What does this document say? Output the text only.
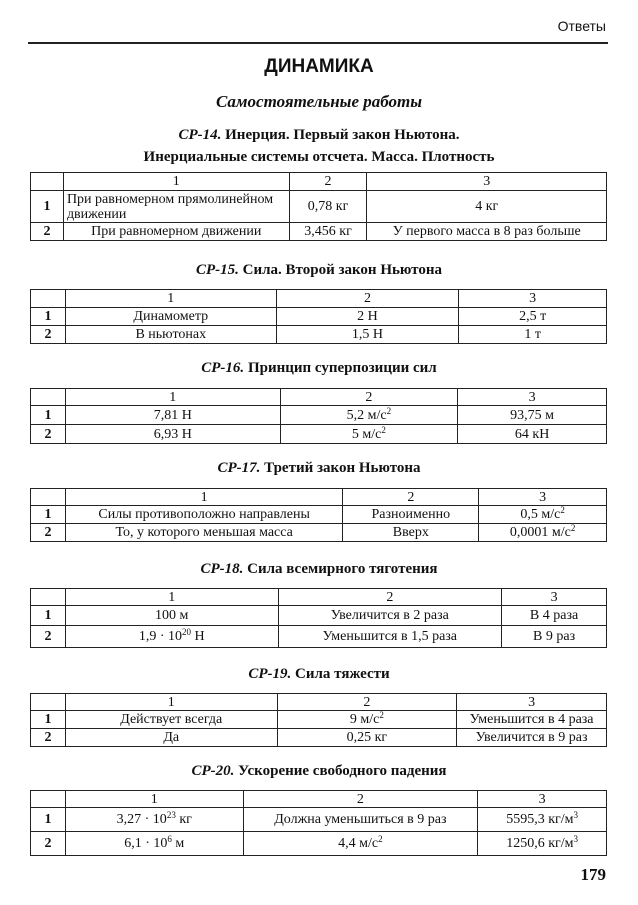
Ответы
ДИНАМИКА
Самостоятельные работы
СР-14. Инерция. Первый закон Ньютона.
Инерциальные системы отсчета. Масса. Плотность
	1	2	3
1	При равномерном прямолинейном движении	0,78 кг	4 кг
2	При равномерном движении	3,456 кг	У первого масса в 8 раз больше
СР-15. Сила. Второй закон Ньютона
	1	2	3
1	Динамометр	2 Н	2,5 т
2	В ньютонах	1,5 Н	1 т
СР-16. Принцип суперпозиции сил
	1	2	3
1	7,81 Н	5,2 $м/с^2$	93,75 м
2	6,93 Н	5 $м/с^2$	64 кН
СР-17. Третий закон Ньютона
	1	2	3
1	Силы противоположно направлены	Разноименно	0,5 $м/с^2$
2	То, у которого меньшая масса	Вверх	0,0001 $м/с^2$
СР-18. Сила всемирного тяготения
	1	2	3
1	100 м	Увеличится в 2 раза	В 4 раза
2	$1,9 \cdot 10^{20}$ Н	Уменьшится в 1,5 раза	В 9 раз
СР-19. Сила тяжести
	1	2	3
1	Действует всегда	9 $м/с^2$	Уменьшится в 4 раза
2	Да	0,25 кг	Увеличится в 9 раз
СР-20. Ускорение свободного падения
	1	2	3
1	$3,27 \cdot 10^{23}$ кг	Должна уменьшиться в 9 раз	5595,3 $кг/м^3$
2	$6,1 \cdot 10^6$ м	4,4 $м/с^2$	1250,6 $кг/м^3$
179
